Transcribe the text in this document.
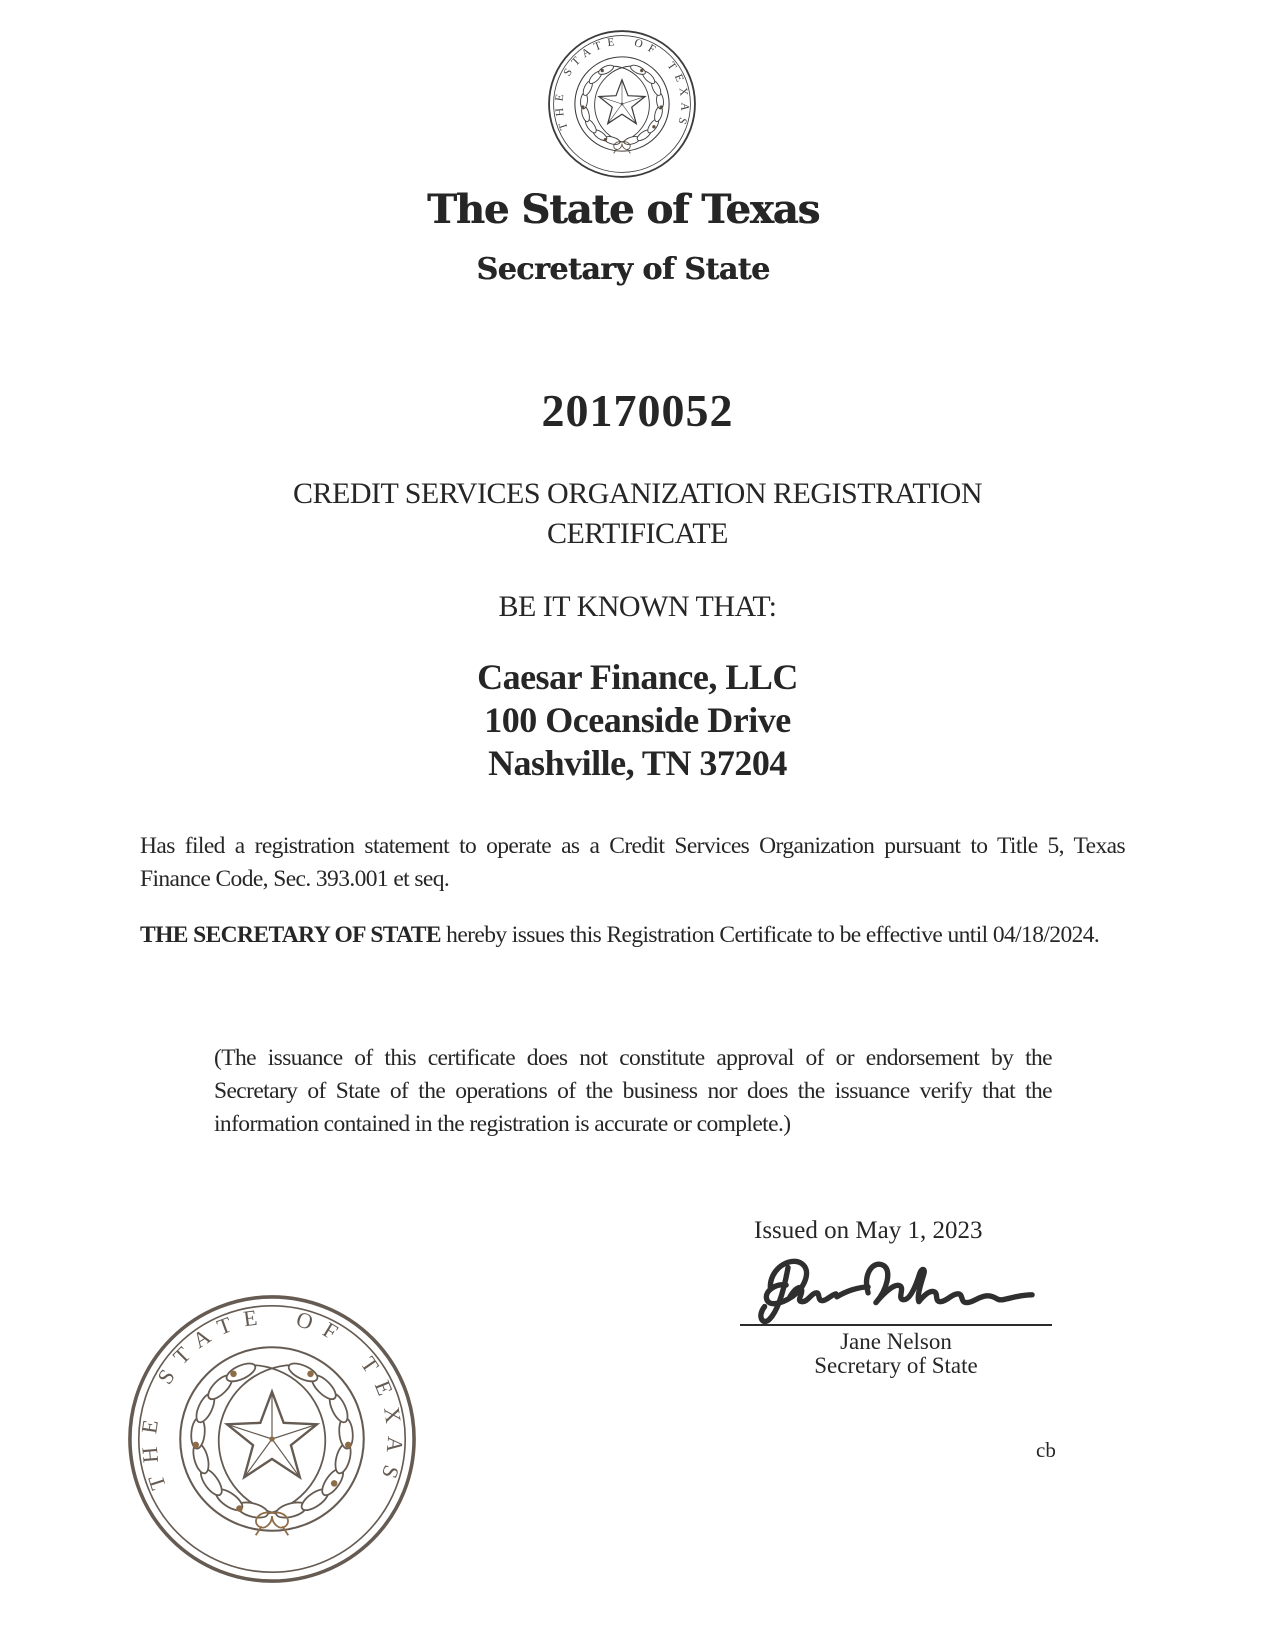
The State of Texas
Secretary of State
20170052
CREDIT SERVICES ORGANIZATION REGISTRATION
CERTIFICATE
BE IT KNOWN THAT:
Caesar Finance, LLC
100 Oceanside Drive
Nashville, TN 37204

Has filed a registration statement to operate as a Credit Services Organization pursuant to Title 5, Texas Finance Code, Sec. 393.001 et seq.

THE SECRETARY OF STATE hereby issues this Registration Certificate to be effective until 04/18/2024.

(The issuance of this certificate does not constitute approval of or endorsement by the Secretary of State of the operations of the business nor does the issuance verify that the information contained in the registration is accurate or complete.)

Issued on May 1, 2023
Jane Nelson
Secretary of State
cb
